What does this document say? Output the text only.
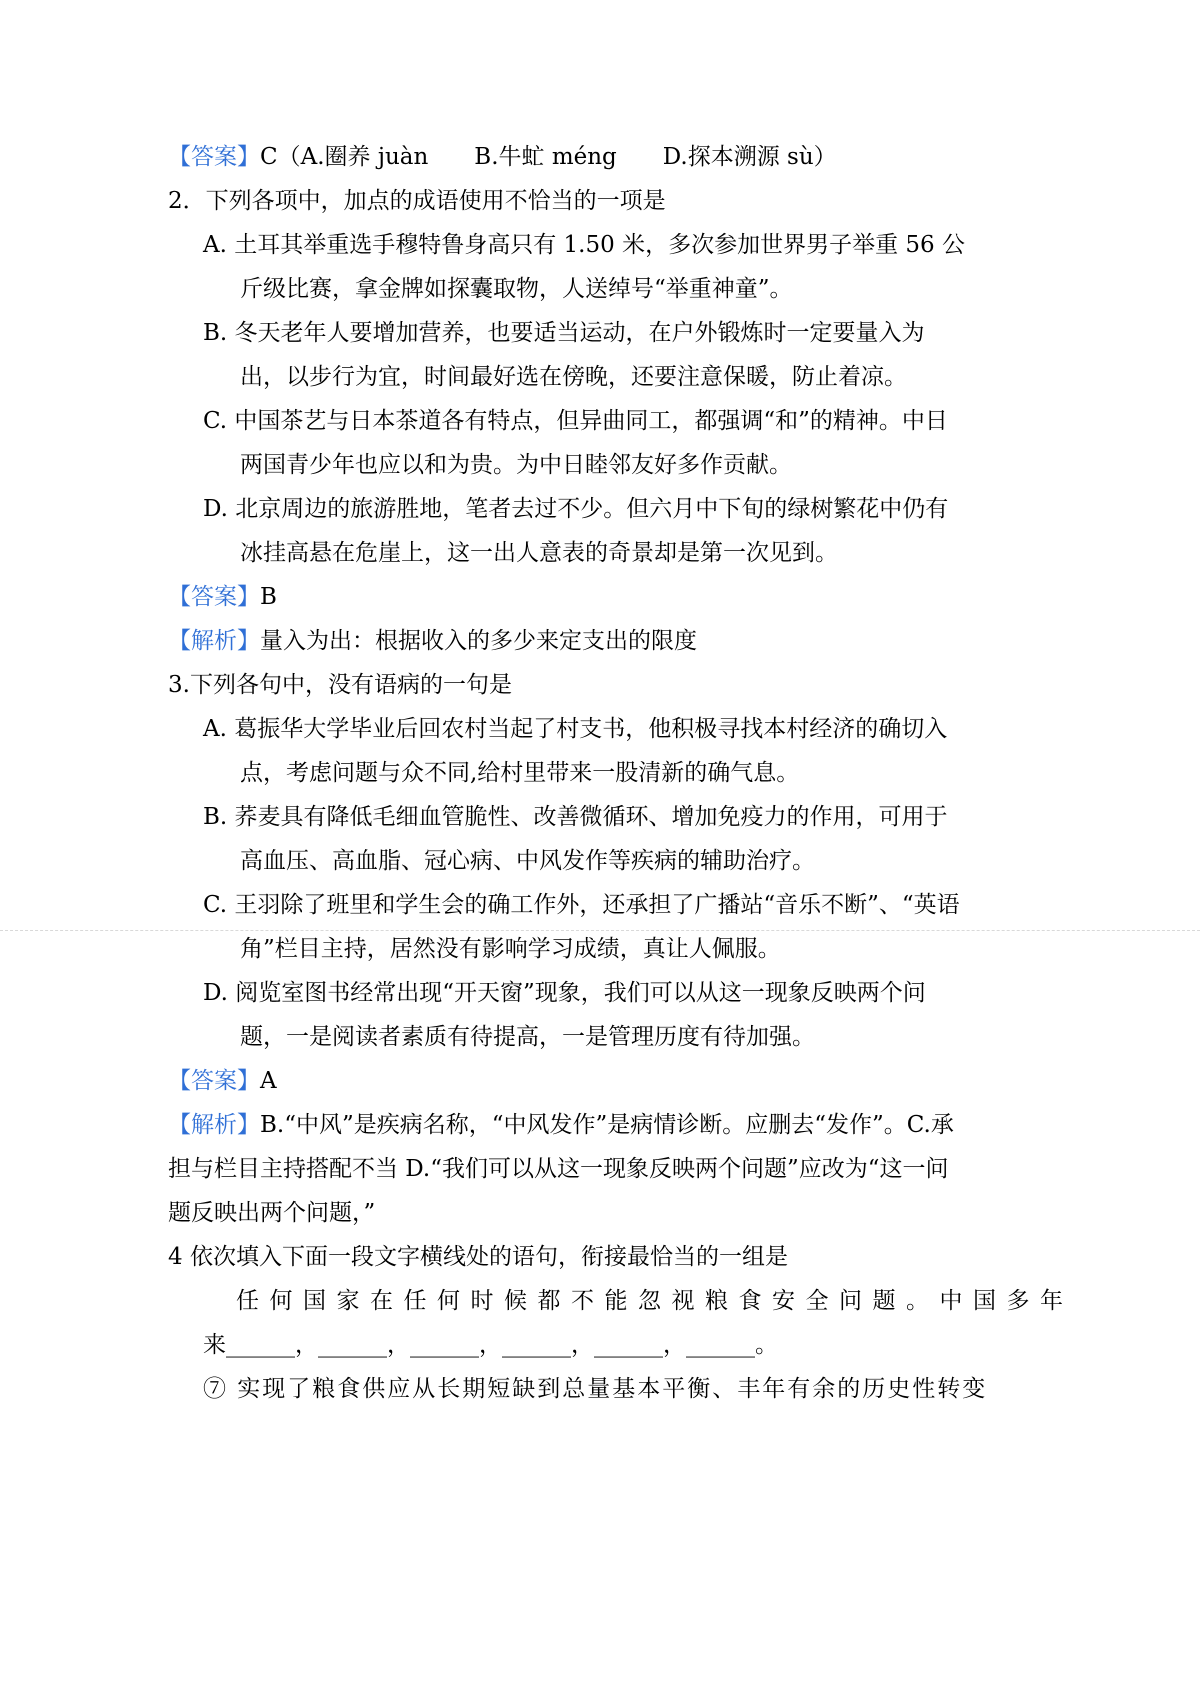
【答案】C（A.圈养 juàn　　B.牛虻 méng　　D.探本溯源 sù）
2．下列各项中，加点的成语使用不恰当的一项是
A. 土耳其举重选手穆特鲁身高只有 1.50 米，多次参加世界男子举重 56 公
斤级比赛，拿金牌如探囊取物，人送绰号“举重神童”。
B. 冬天老年人要增加营养，也要适当运动，在户外锻炼时一定要量入为
出，以步行为宜，时间最好选在傍晚，还要注意保暖，防止着凉。
C. 中国茶艺与日本茶道各有特点，但异曲同工，都强调“和”的精神。中日
两国青少年也应以和为贵。为中日睦邻友好多作贡献。
D. 北京周边的旅游胜地，笔者去过不少。但六月中下旬的绿树繁花中仍有
冰挂高悬在危崖上，这一出人意表的奇景却是第一次见到。
【答案】B
【解析】量入为出：根据收入的多少来定支出的限度
3.下列各句中，没有语病的一句是
A. 葛振华大学毕业后回农村当起了村支书，他积极寻找本村经济的确切入
点，考虑问题与众不同,给村里带来一股清新的确气息。
B. 荞麦具有降低毛细血管脆性、改善微循环、增加免疫力的作用，可用于
高血压、高血脂、冠心病、中风发作等疾病的辅助治疗。
C. 王羽除了班里和学生会的确工作外，还承担了广播站“音乐不断”、“英语
角”栏目主持，居然没有影响学习成绩，真让人佩服。
D. 阅览室图书经常出现“开天窗”现象，我们可以从这一现象反映两个问
题，一是阅读者素质有待提高，一是管理历度有待加强。
【答案】A
【解析】B.“中风”是疾病名称，“中风发作”是病情诊断。应删去“发作”。C.承
担与栏目主持搭配不当 D.“我们可以从这一现象反映两个问题”应改为“这一问
题反映出两个问题，”
4 依次填入下面一段文字横线处的语句，衔接最恰当的一组是
任何国家在任何时候都不能忽视粮食安全问题。中国多年
来______，______，______，______，______，______。
⑦ 实现了粮食供应从长期短缺到总量基本平衡、丰年有余的历史性转变
